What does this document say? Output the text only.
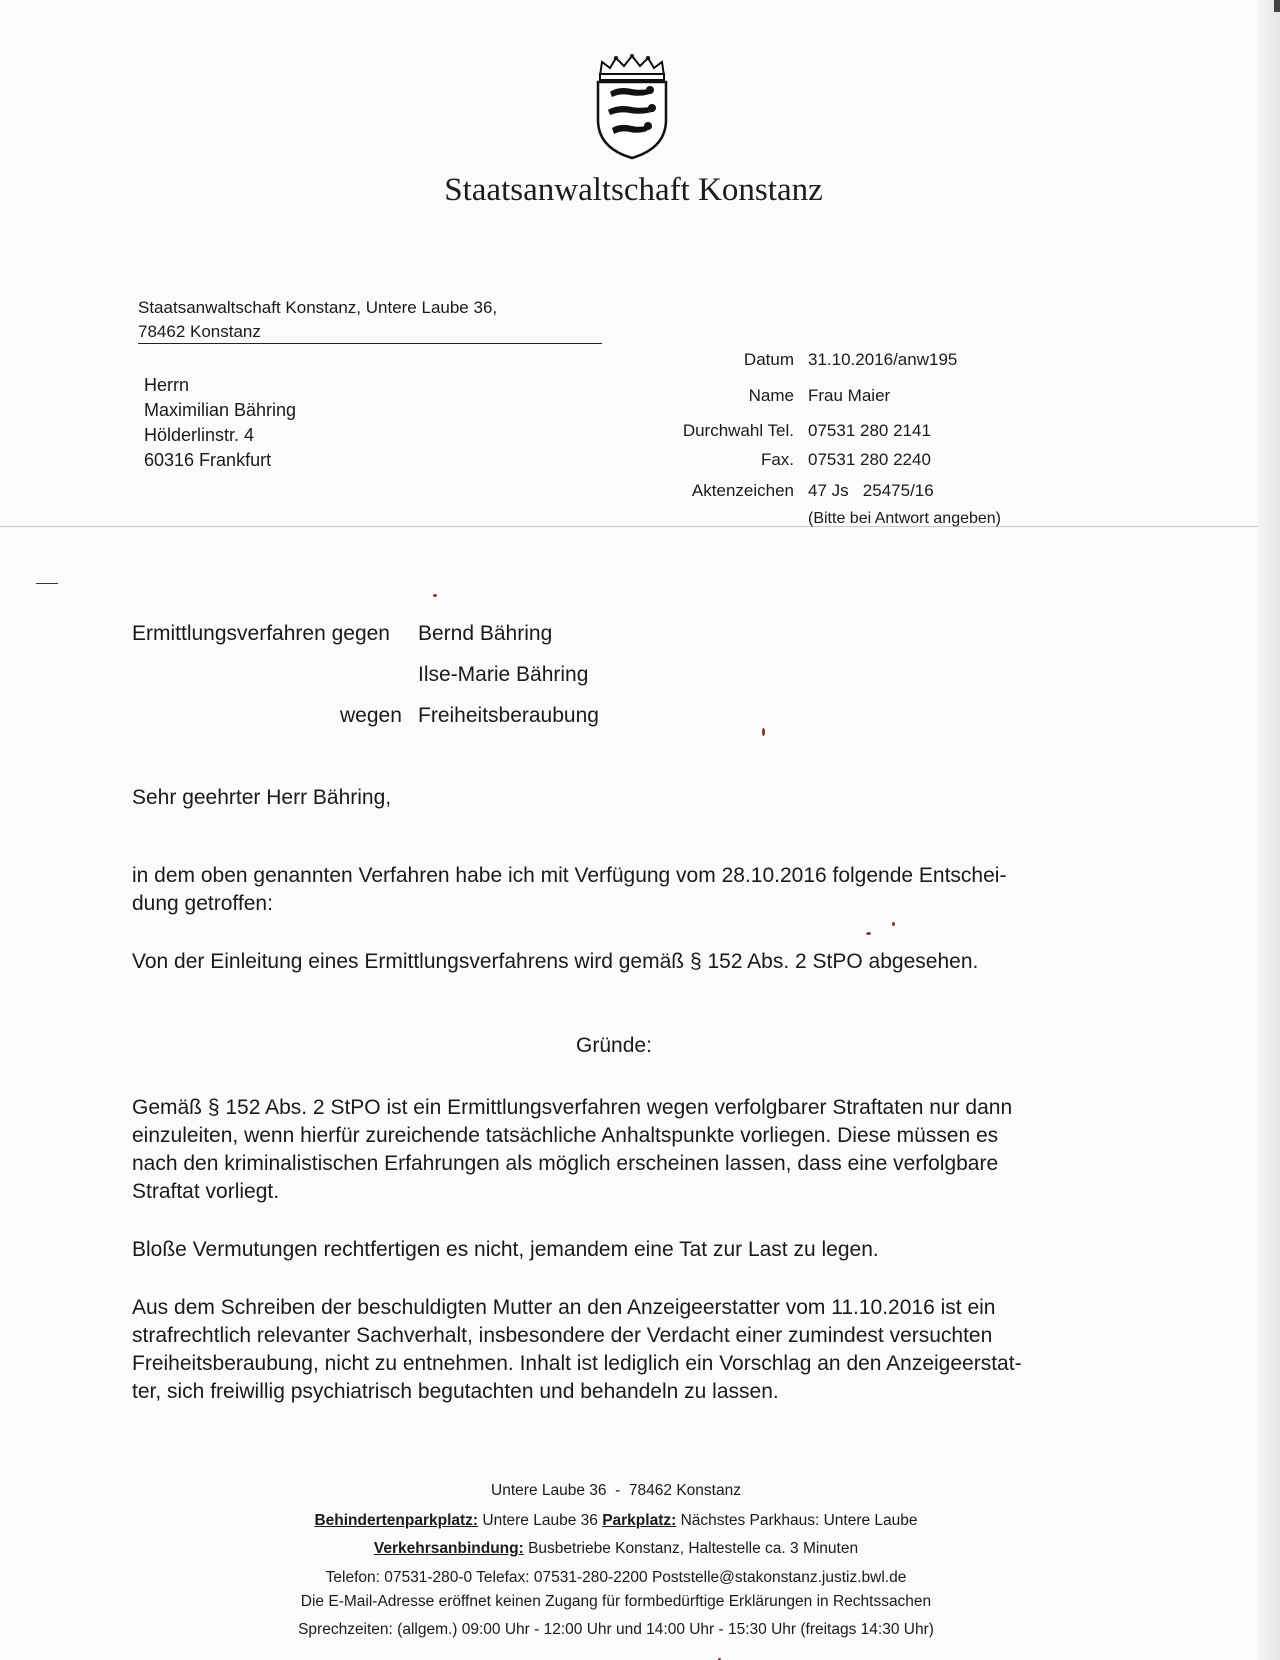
Staatsanwaltschaft Konstanz
Staatsanwaltschaft Konstanz, Untere Laube 36,
78462 Konstanz
Herrn
Maximilian Bähring
Hölderlinstr. 4
60316 Frankfurt
Datum 31.10.2016/anw195
Name Frau Maier
Durchwahl Tel. 07531 280 2141
Fax. 07531 280 2240
Aktenzeichen 47 Js   25475/16
(Bitte bei Antwort angeben)
Ermittlungsverfahren gegen Bernd Bähring
Ilse-Marie Bähring
wegen Freiheitsberaubung
Sehr geehrter Herr Bähring,
in dem oben genannten Verfahren habe ich mit Verfügung vom 28.10.2016 folgende Entschei-
dung getroffen:
Von der Einleitung eines Ermittlungsverfahrens wird gemäß § 152 Abs. 2 StPO abgesehen.
Gründe:
Gemäß § 152 Abs. 2 StPO ist ein Ermittlungsverfahren wegen verfolgbarer Straftaten nur dann
einzuleiten, wenn hierfür zureichende tatsächliche Anhaltspunkte vorliegen. Diese müssen es
nach den kriminalistischen Erfahrungen als möglich erscheinen lassen, dass eine verfolgbare
Straftat vorliegt.
Bloße Vermutungen rechtfertigen es nicht, jemandem eine Tat zur Last zu legen.
Aus dem Schreiben der beschuldigten Mutter an den Anzeigeerstatter vom 11.10.2016 ist ein
strafrechtlich relevanter Sachverhalt, insbesondere der Verdacht einer zumindest versuchten
Freiheitsberaubung, nicht zu entnehmen. Inhalt ist lediglich ein Vorschlag an den Anzeigeerstat-
ter, sich freiwillig psychiatrisch begutachten und behandeln zu lassen.
Untere Laube 36  -  78462 Konstanz
Behindertenparkplatz: Untere Laube 36 Parkplatz: Nächstes Parkhaus: Untere Laube
Verkehrsanbindung: Busbetriebe Konstanz, Haltestelle ca. 3 Minuten
Telefon: 07531-280-0 Telefax: 07531-280-2200 Poststelle@stakonstanz.justiz.bwl.de
Die E-Mail-Adresse eröffnet keinen Zugang für formbedürftige Erklärungen in Rechtssachen
Sprechzeiten: (allgem.) 09:00 Uhr - 12:00 Uhr und 14:00 Uhr - 15:30 Uhr (freitags 14:30 Uhr)
